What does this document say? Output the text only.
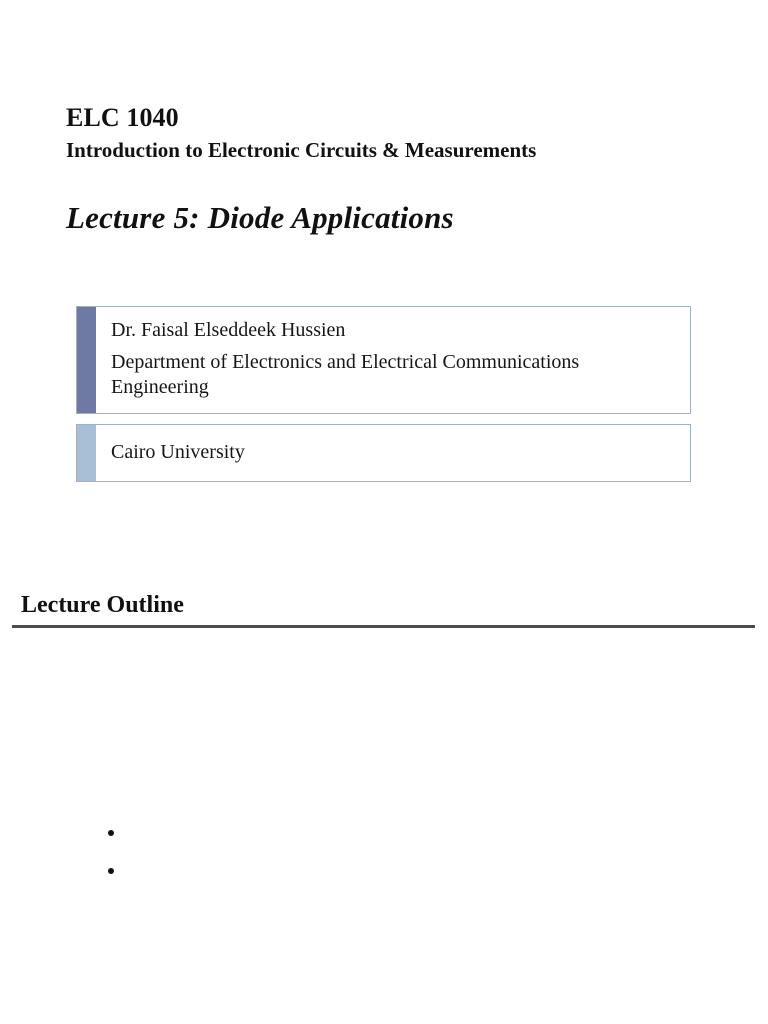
ELC 1040
Introduction to Electronic Circuits & Measurements
Lecture 5: Diode Applications
Dr. Faisal Elseddeek Hussien
Department of Electronics and Electrical Communications Engineering
Cairo University
Lecture Outline
